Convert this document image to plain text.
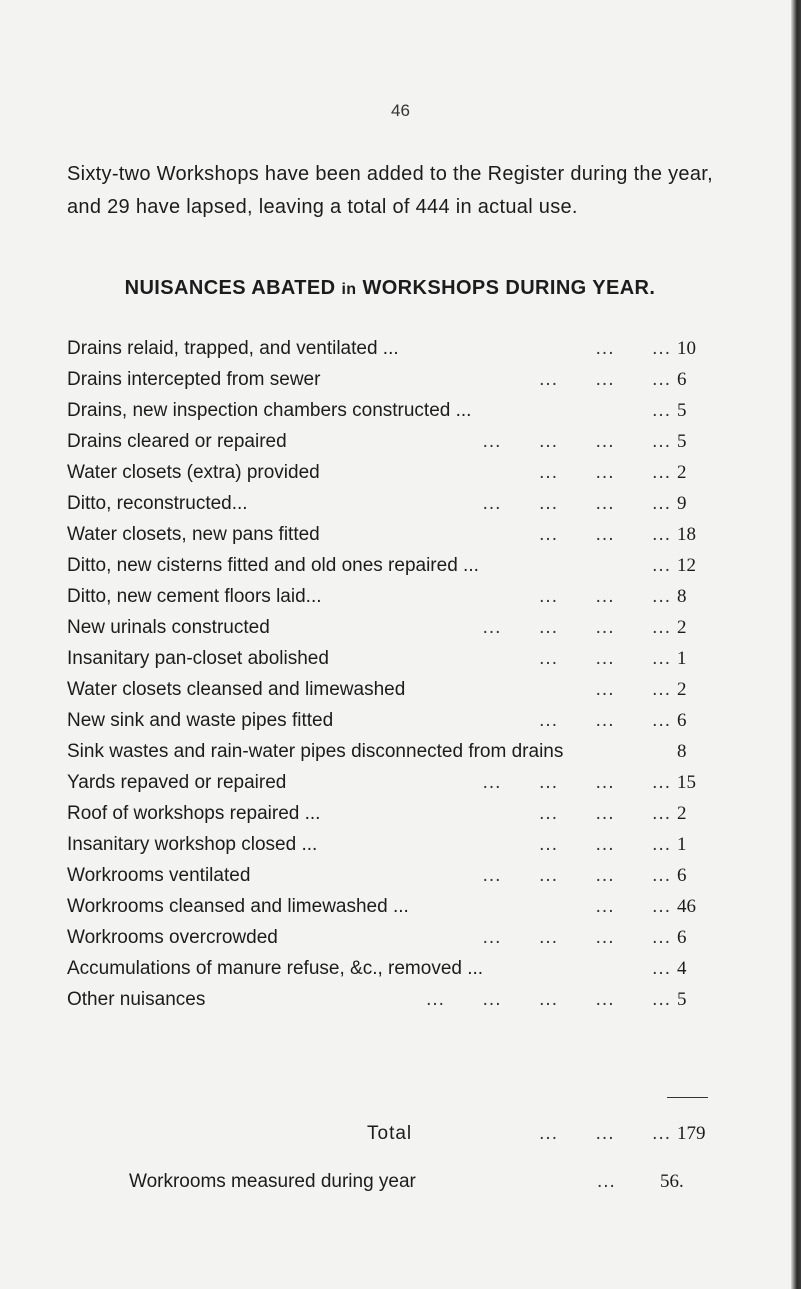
46

Sixty-two Workshops have been added to the Register during the year, and 29 have lapsed, leaving a total of 444 in actual use.

NUISANCES ABATED in WORKSHOPS DURING YEAR.
Drains relaid, trapped, and ventilated ...	...      ... 10
Drains intercepted from sewer	...      ...      ... 6
Drains, new inspection chambers constructed ...	... 5
Drains cleared or repaired	...      ...      ...      ... 5
Water closets (extra) provided	...      ...      ... 2
Ditto, reconstructed...	...      ...      ...      ... 9
Water closets, new pans fitted	...      ...      ... 18
Ditto, new cisterns fitted and old ones repaired ...	... 12
Ditto, new cement floors laid...	...      ...      ... 8
New urinals constructed	...      ...      ...      ... 2
Insanitary pan-closet abolished	...      ...      ... 1
Water closets cleansed and limewashed	...      ... 2
New sink and waste pipes fitted	...      ...      ... 6
Sink wastes and rain-water pipes disconnected from drains	8
Yards repaved or repaired	...      ...      ...      ... 15
Roof of workshops repaired ...	...      ...      ... 2
Insanitary workshop closed ...	...      ...      ... 1
Workrooms ventilated	...      ...      ...      ... 6
Workrooms cleansed and limewashed ...	...      ... 46
Workrooms overcrowded	...      ...      ...      ... 6
Accumulations of manure refuse, &c., removed ...	... 4
Other nuisances	...      ...      ...      ...      ... 5
Total	...      ...      ... 179
Workrooms measured during year	... 56.
